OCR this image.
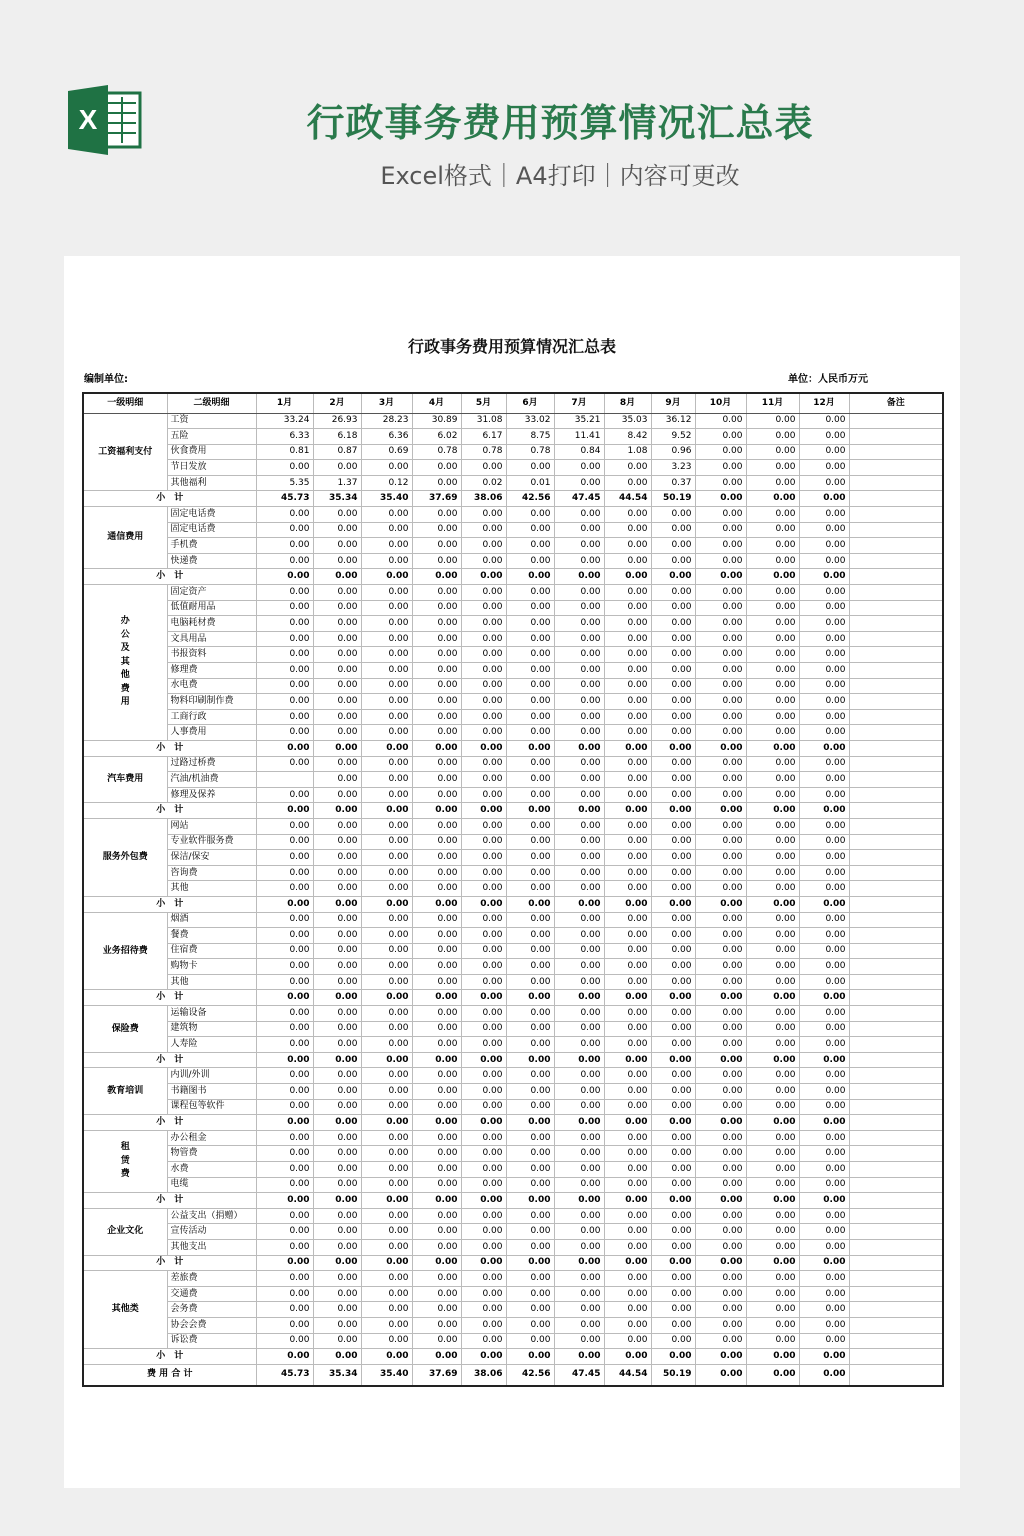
X	行政事务费用预算情况汇总表
Excel格式｜A4打印｜内容可更改
行政事务费用预算情况汇总表
编制单位:	单位：人民币万元
一级明细	二级明细	1月	2月	3月	4月	5月	6月	7月	8月	9月	10月	11月	12月	备注
工资福利支付	工资	33.24	26.93	28.23	30.89	31.08	33.02	35.21	35.03	36.12	0.00	0.00	0.00	
	五险	6.33	6.18	6.36	6.02	6.17	8.75	11.41	8.42	9.52	0.00	0.00	0.00	
	伙食费用	0.81	0.87	0.69	0.78	0.78	0.78	0.84	1.08	0.96	0.00	0.00	0.00	
	节日发放	0.00	0.00	0.00	0.00	0.00	0.00	0.00	0.00	3.23	0.00	0.00	0.00	
	其他福利	5.35	1.37	0.12	0.00	0.02	0.01	0.00	0.00	0.37	0.00	0.00	0.00	
小　计		45.73	35.34	35.40	37.69	38.06	42.56	47.45	44.54	50.19	0.00	0.00	0.00	
通信费用	固定电话费	0.00	0.00	0.00	0.00	0.00	0.00	0.00	0.00	0.00	0.00	0.00	0.00	
	固定电话费	0.00	0.00	0.00	0.00	0.00	0.00	0.00	0.00	0.00	0.00	0.00	0.00	
	手机费	0.00	0.00	0.00	0.00	0.00	0.00	0.00	0.00	0.00	0.00	0.00	0.00	
	快递费	0.00	0.00	0.00	0.00	0.00	0.00	0.00	0.00	0.00	0.00	0.00	0.00	
小　计		0.00	0.00	0.00	0.00	0.00	0.00	0.00	0.00	0.00	0.00	0.00	0.00	
办公及其他费用	固定资产	0.00	0.00	0.00	0.00	0.00	0.00	0.00	0.00	0.00	0.00	0.00	0.00	
	低值耐用品	0.00	0.00	0.00	0.00	0.00	0.00	0.00	0.00	0.00	0.00	0.00	0.00	
	电脑耗材费	0.00	0.00	0.00	0.00	0.00	0.00	0.00	0.00	0.00	0.00	0.00	0.00	
	文具用品	0.00	0.00	0.00	0.00	0.00	0.00	0.00	0.00	0.00	0.00	0.00	0.00	
	书报资料	0.00	0.00	0.00	0.00	0.00	0.00	0.00	0.00	0.00	0.00	0.00	0.00	
	修理费	0.00	0.00	0.00	0.00	0.00	0.00	0.00	0.00	0.00	0.00	0.00	0.00	
	水电费	0.00	0.00	0.00	0.00	0.00	0.00	0.00	0.00	0.00	0.00	0.00	0.00	
	物料印刷制作费	0.00	0.00	0.00	0.00	0.00	0.00	0.00	0.00	0.00	0.00	0.00	0.00	
	工商行政	0.00	0.00	0.00	0.00	0.00	0.00	0.00	0.00	0.00	0.00	0.00	0.00	
	人事费用	0.00	0.00	0.00	0.00	0.00	0.00	0.00	0.00	0.00	0.00	0.00	0.00	
小　计		0.00	0.00	0.00	0.00	0.00	0.00	0.00	0.00	0.00	0.00	0.00	0.00	
汽车费用	过路过桥费	0.00	0.00	0.00	0.00	0.00	0.00	0.00	0.00	0.00	0.00	0.00	0.00	
	汽油/机油费		0.00	0.00	0.00	0.00	0.00	0.00	0.00	0.00	0.00	0.00	0.00	
	修理及保养	0.00	0.00	0.00	0.00	0.00	0.00	0.00	0.00	0.00	0.00	0.00	0.00	
小　计		0.00	0.00	0.00	0.00	0.00	0.00	0.00	0.00	0.00	0.00	0.00	0.00	
服务外包费	网站	0.00	0.00	0.00	0.00	0.00	0.00	0.00	0.00	0.00	0.00	0.00	0.00	
	专业软件服务费	0.00	0.00	0.00	0.00	0.00	0.00	0.00	0.00	0.00	0.00	0.00	0.00	
	保洁/保安	0.00	0.00	0.00	0.00	0.00	0.00	0.00	0.00	0.00	0.00	0.00	0.00	
	咨询费	0.00	0.00	0.00	0.00	0.00	0.00	0.00	0.00	0.00	0.00	0.00	0.00	
	其他	0.00	0.00	0.00	0.00	0.00	0.00	0.00	0.00	0.00	0.00	0.00	0.00	
小　计		0.00	0.00	0.00	0.00	0.00	0.00	0.00	0.00	0.00	0.00	0.00	0.00	
业务招待费	烟酒	0.00	0.00	0.00	0.00	0.00	0.00	0.00	0.00	0.00	0.00	0.00	0.00	
	餐费	0.00	0.00	0.00	0.00	0.00	0.00	0.00	0.00	0.00	0.00	0.00	0.00	
	住宿费	0.00	0.00	0.00	0.00	0.00	0.00	0.00	0.00	0.00	0.00	0.00	0.00	
	购物卡	0.00	0.00	0.00	0.00	0.00	0.00	0.00	0.00	0.00	0.00	0.00	0.00	
	其他	0.00	0.00	0.00	0.00	0.00	0.00	0.00	0.00	0.00	0.00	0.00	0.00	
小　计		0.00	0.00	0.00	0.00	0.00	0.00	0.00	0.00	0.00	0.00	0.00	0.00	
保险费	运输设备	0.00	0.00	0.00	0.00	0.00	0.00	0.00	0.00	0.00	0.00	0.00	0.00	
	建筑物	0.00	0.00	0.00	0.00	0.00	0.00	0.00	0.00	0.00	0.00	0.00	0.00	
	人寿险	0.00	0.00	0.00	0.00	0.00	0.00	0.00	0.00	0.00	0.00	0.00	0.00	
小　计		0.00	0.00	0.00	0.00	0.00	0.00	0.00	0.00	0.00	0.00	0.00	0.00	
教育培训	内训/外训	0.00	0.00	0.00	0.00	0.00	0.00	0.00	0.00	0.00	0.00	0.00	0.00	
	书籍图书	0.00	0.00	0.00	0.00	0.00	0.00	0.00	0.00	0.00	0.00	0.00	0.00	
	课程包等软件	0.00	0.00	0.00	0.00	0.00	0.00	0.00	0.00	0.00	0.00	0.00	0.00	
小　计		0.00	0.00	0.00	0.00	0.00	0.00	0.00	0.00	0.00	0.00	0.00	0.00	
租赁费	办公租金	0.00	0.00	0.00	0.00	0.00	0.00	0.00	0.00	0.00	0.00	0.00	0.00	
	物管费	0.00	0.00	0.00	0.00	0.00	0.00	0.00	0.00	0.00	0.00	0.00	0.00	
	水费	0.00	0.00	0.00	0.00	0.00	0.00	0.00	0.00	0.00	0.00	0.00	0.00	
	电缆	0.00	0.00	0.00	0.00	0.00	0.00	0.00	0.00	0.00	0.00	0.00	0.00	
小　计		0.00	0.00	0.00	0.00	0.00	0.00	0.00	0.00	0.00	0.00	0.00	0.00	
企业文化	公益支出（捐赠）	0.00	0.00	0.00	0.00	0.00	0.00	0.00	0.00	0.00	0.00	0.00	0.00	
	宣传活动	0.00	0.00	0.00	0.00	0.00	0.00	0.00	0.00	0.00	0.00	0.00	0.00	
	其他支出	0.00	0.00	0.00	0.00	0.00	0.00	0.00	0.00	0.00	0.00	0.00	0.00	
小　计		0.00	0.00	0.00	0.00	0.00	0.00	0.00	0.00	0.00	0.00	0.00	0.00	
其他类	差旅费	0.00	0.00	0.00	0.00	0.00	0.00	0.00	0.00	0.00	0.00	0.00	0.00	
	交通费	0.00	0.00	0.00	0.00	0.00	0.00	0.00	0.00	0.00	0.00	0.00	0.00	
	会务费	0.00	0.00	0.00	0.00	0.00	0.00	0.00	0.00	0.00	0.00	0.00	0.00	
	协会会费	0.00	0.00	0.00	0.00	0.00	0.00	0.00	0.00	0.00	0.00	0.00	0.00	
	诉讼费	0.00	0.00	0.00	0.00	0.00	0.00	0.00	0.00	0.00	0.00	0.00	0.00	
小　计		0.00	0.00	0.00	0.00	0.00	0.00	0.00	0.00	0.00	0.00	0.00	0.00	
费 用 合 计		45.73	35.34	35.40	37.69	38.06	42.56	47.45	44.54	50.19	0.00	0.00	0.00	
